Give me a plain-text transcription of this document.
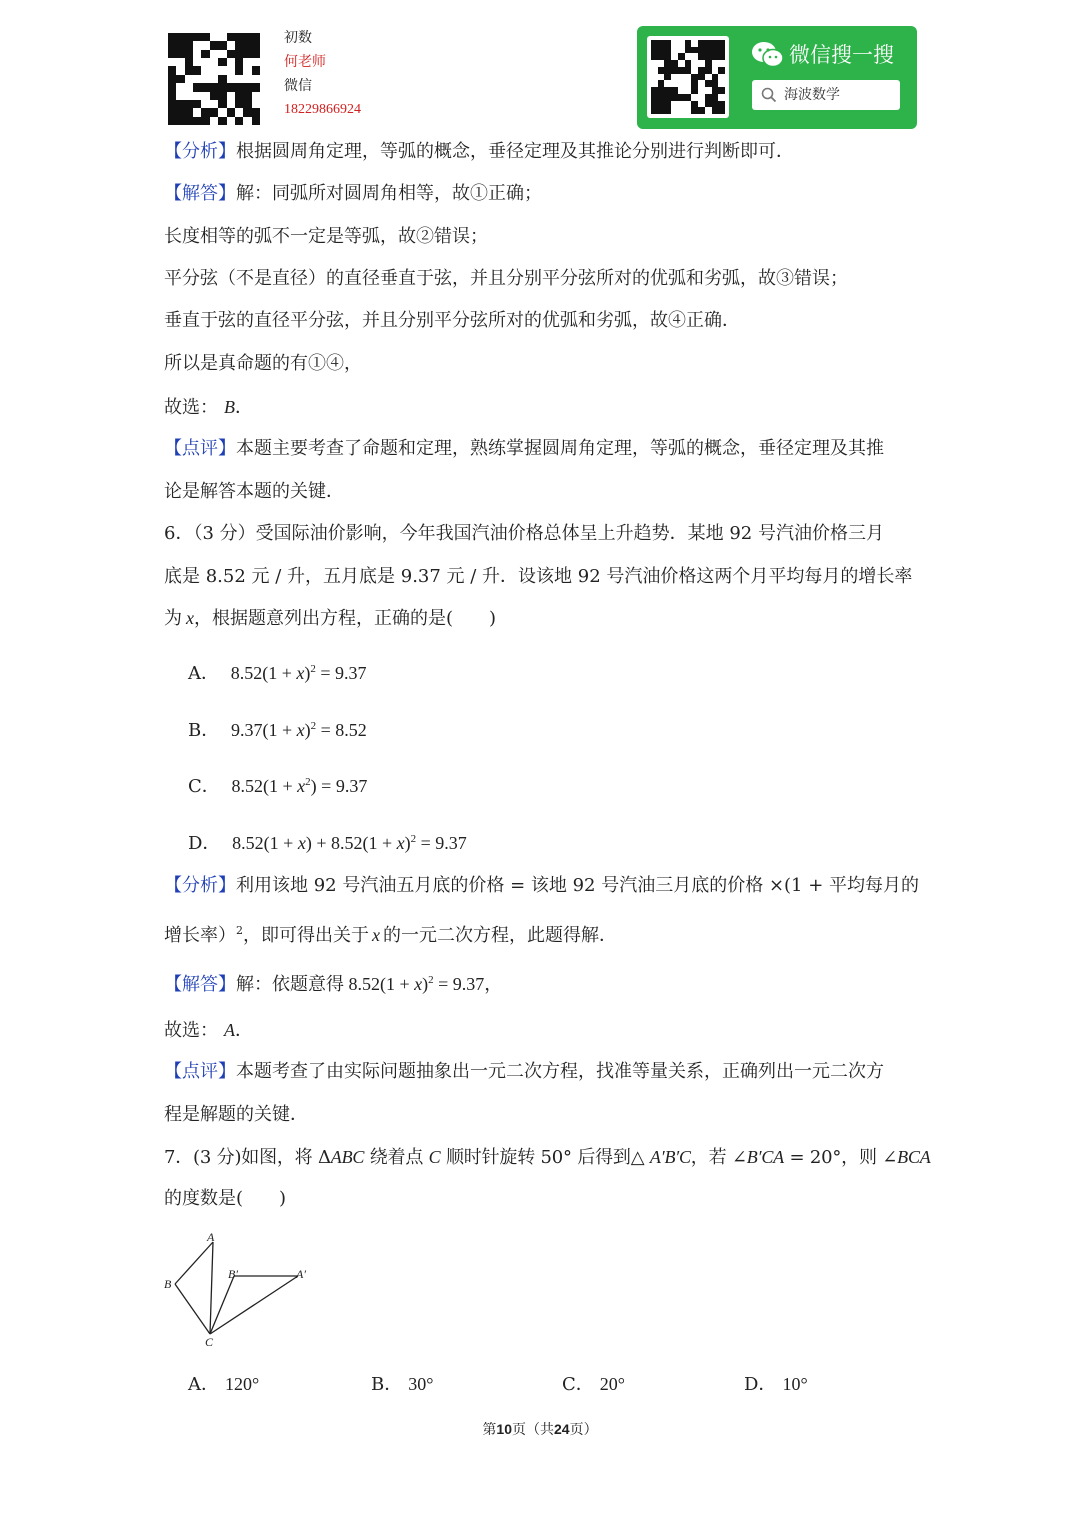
初数
何老师
微信
18229866924
微信搜一搜
海波数学
【分析】根据圆周角定理，等弧的概念，垂径定理及其推论分别进行判断即可．
【解答】解：同弧所对圆周角相等，故①正确；
长度相等的弧不一定是等弧，故②错误；
平分弦（不是直径）的直径垂直于弦，并且分别平分弦所对的优弧和劣弧，故③错误；
垂直于弦的直径平分弦，并且分别平分弦所对的优弧和劣弧，故④正确．
所以是真命题的有①④，
故选： B．
【点评】本题主要考查了命题和定理，熟练掌握圆周角定理，等弧的概念，垂径定理及其推
论是解答本题的关键．
6．（3 分）受国际油价影响，今年我国汽油价格总体呈上升趋势．某地 92 号汽油价格三月
底是 8.52 元 / 升，五月底是 9.37 元 / 升．设该地 92 号汽油价格这两个月平均每月的增长率
为 x，根据题意列出方程，正确的是(　　)
A． $8.52(1 + x)^2 = 9.37$
B． $9.37(1 + x)^2 = 8.52$
C． $8.52(1 + x^2) = 9.37$
D． $8.52(1 + x) + 8.52(1 + x)^2 = 9.37$
【分析】利用该地 92 号汽油五月底的价格 = 该地 92 号汽油三月底的价格 ×(1 + 平均每月的
增长率）$^2$，即可得出关于 x 的一元二次方程，此题得解．
【解答】解：依题意得 $8.52(1 + x)^2 = 9.37$，
故选： A．
【点评】本题考查了由实际问题抽象出一元二次方程，找准等量关系，正确列出一元二次方
程是解题的关键．
7．(3 分)如图，将 ΔABC 绕着点 C 顺时针旋转 50° 后得到△ A′B′C，若 ∠B′CA = 20°，则 ∠BCA
的度数是(　　)
A
B
C
B′	A′
A． 120°	B． 30°	C． 20°	D． 10°
第10页（共24页）
